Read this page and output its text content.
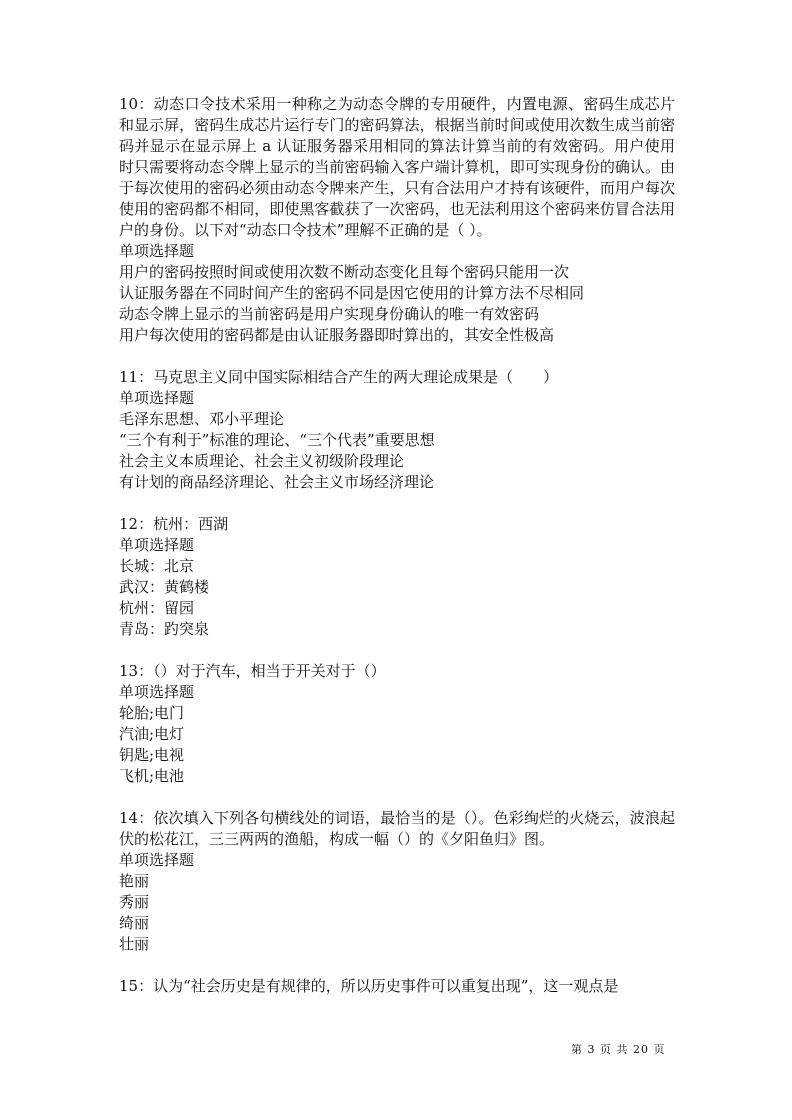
10：动态口令技术采用一种称之为动态令牌的专用硬件，内置电源、密码生成芯片和显示屏，密码生成芯片运行专门的密码算法，根据当前时间或使用次数生成当前密码并显示在显示屏上 a 认证服务器采用相同的算法计算当前的有效密码。用户使用时只需要将动态令牌上显示的当前密码输入客户端计算机，即可实现身份的确认。由于每次使用的密码必须由动态令牌来产生，只有合法用户才持有该硬件，而用户每次使用的密码都不相同，即使黑客截获了一次密码，也无法利用这个密码来仿冒合法用户的身份。以下对“动态口令技术”理解不正确的是（ ）。

单项选择题

用户的密码按照时间或使用次数不断动态变化且每个密码只能用一次

认证服务器在不同时间产生的密码不同是因它使用的计算方法不尽相同

动态令牌上显示的当前密码是用户实现身份确认的唯一有效密码

用户每次使用的密码都是由认证服务器即时算出的，其安全性极高

11：马克思主义同中国实际相结合产生的两大理论成果是（　　）

单项选择题

毛泽东思想、邓小平理论

“三个有利于”标准的理论、“三个代表”重要思想

社会主义本质理论、社会主义初级阶段理论

有计划的商品经济理论、社会主义市场经济理论

12：杭州：西湖

单项选择题

长城：北京

武汉：黄鹤楼

杭州：留园

青岛：趵突泉

13：（）对于汽车，相当于开关对于（）

单项选择题

轮胎;电门

汽油;电灯

钥匙;电视

飞机;电池

14：依次填入下列各句横线处的词语，最恰当的是（）。色彩绚烂的火烧云，波浪起伏的松花江，三三两两的渔船，构成一幅（）的《夕阳鱼归》图。

单项选择题

艳丽

秀丽

绮丽

壮丽

15：认为“社会历史是有规律的，所以历史事件可以重复出现”，这一观点是

第 3 页 共 20 页
